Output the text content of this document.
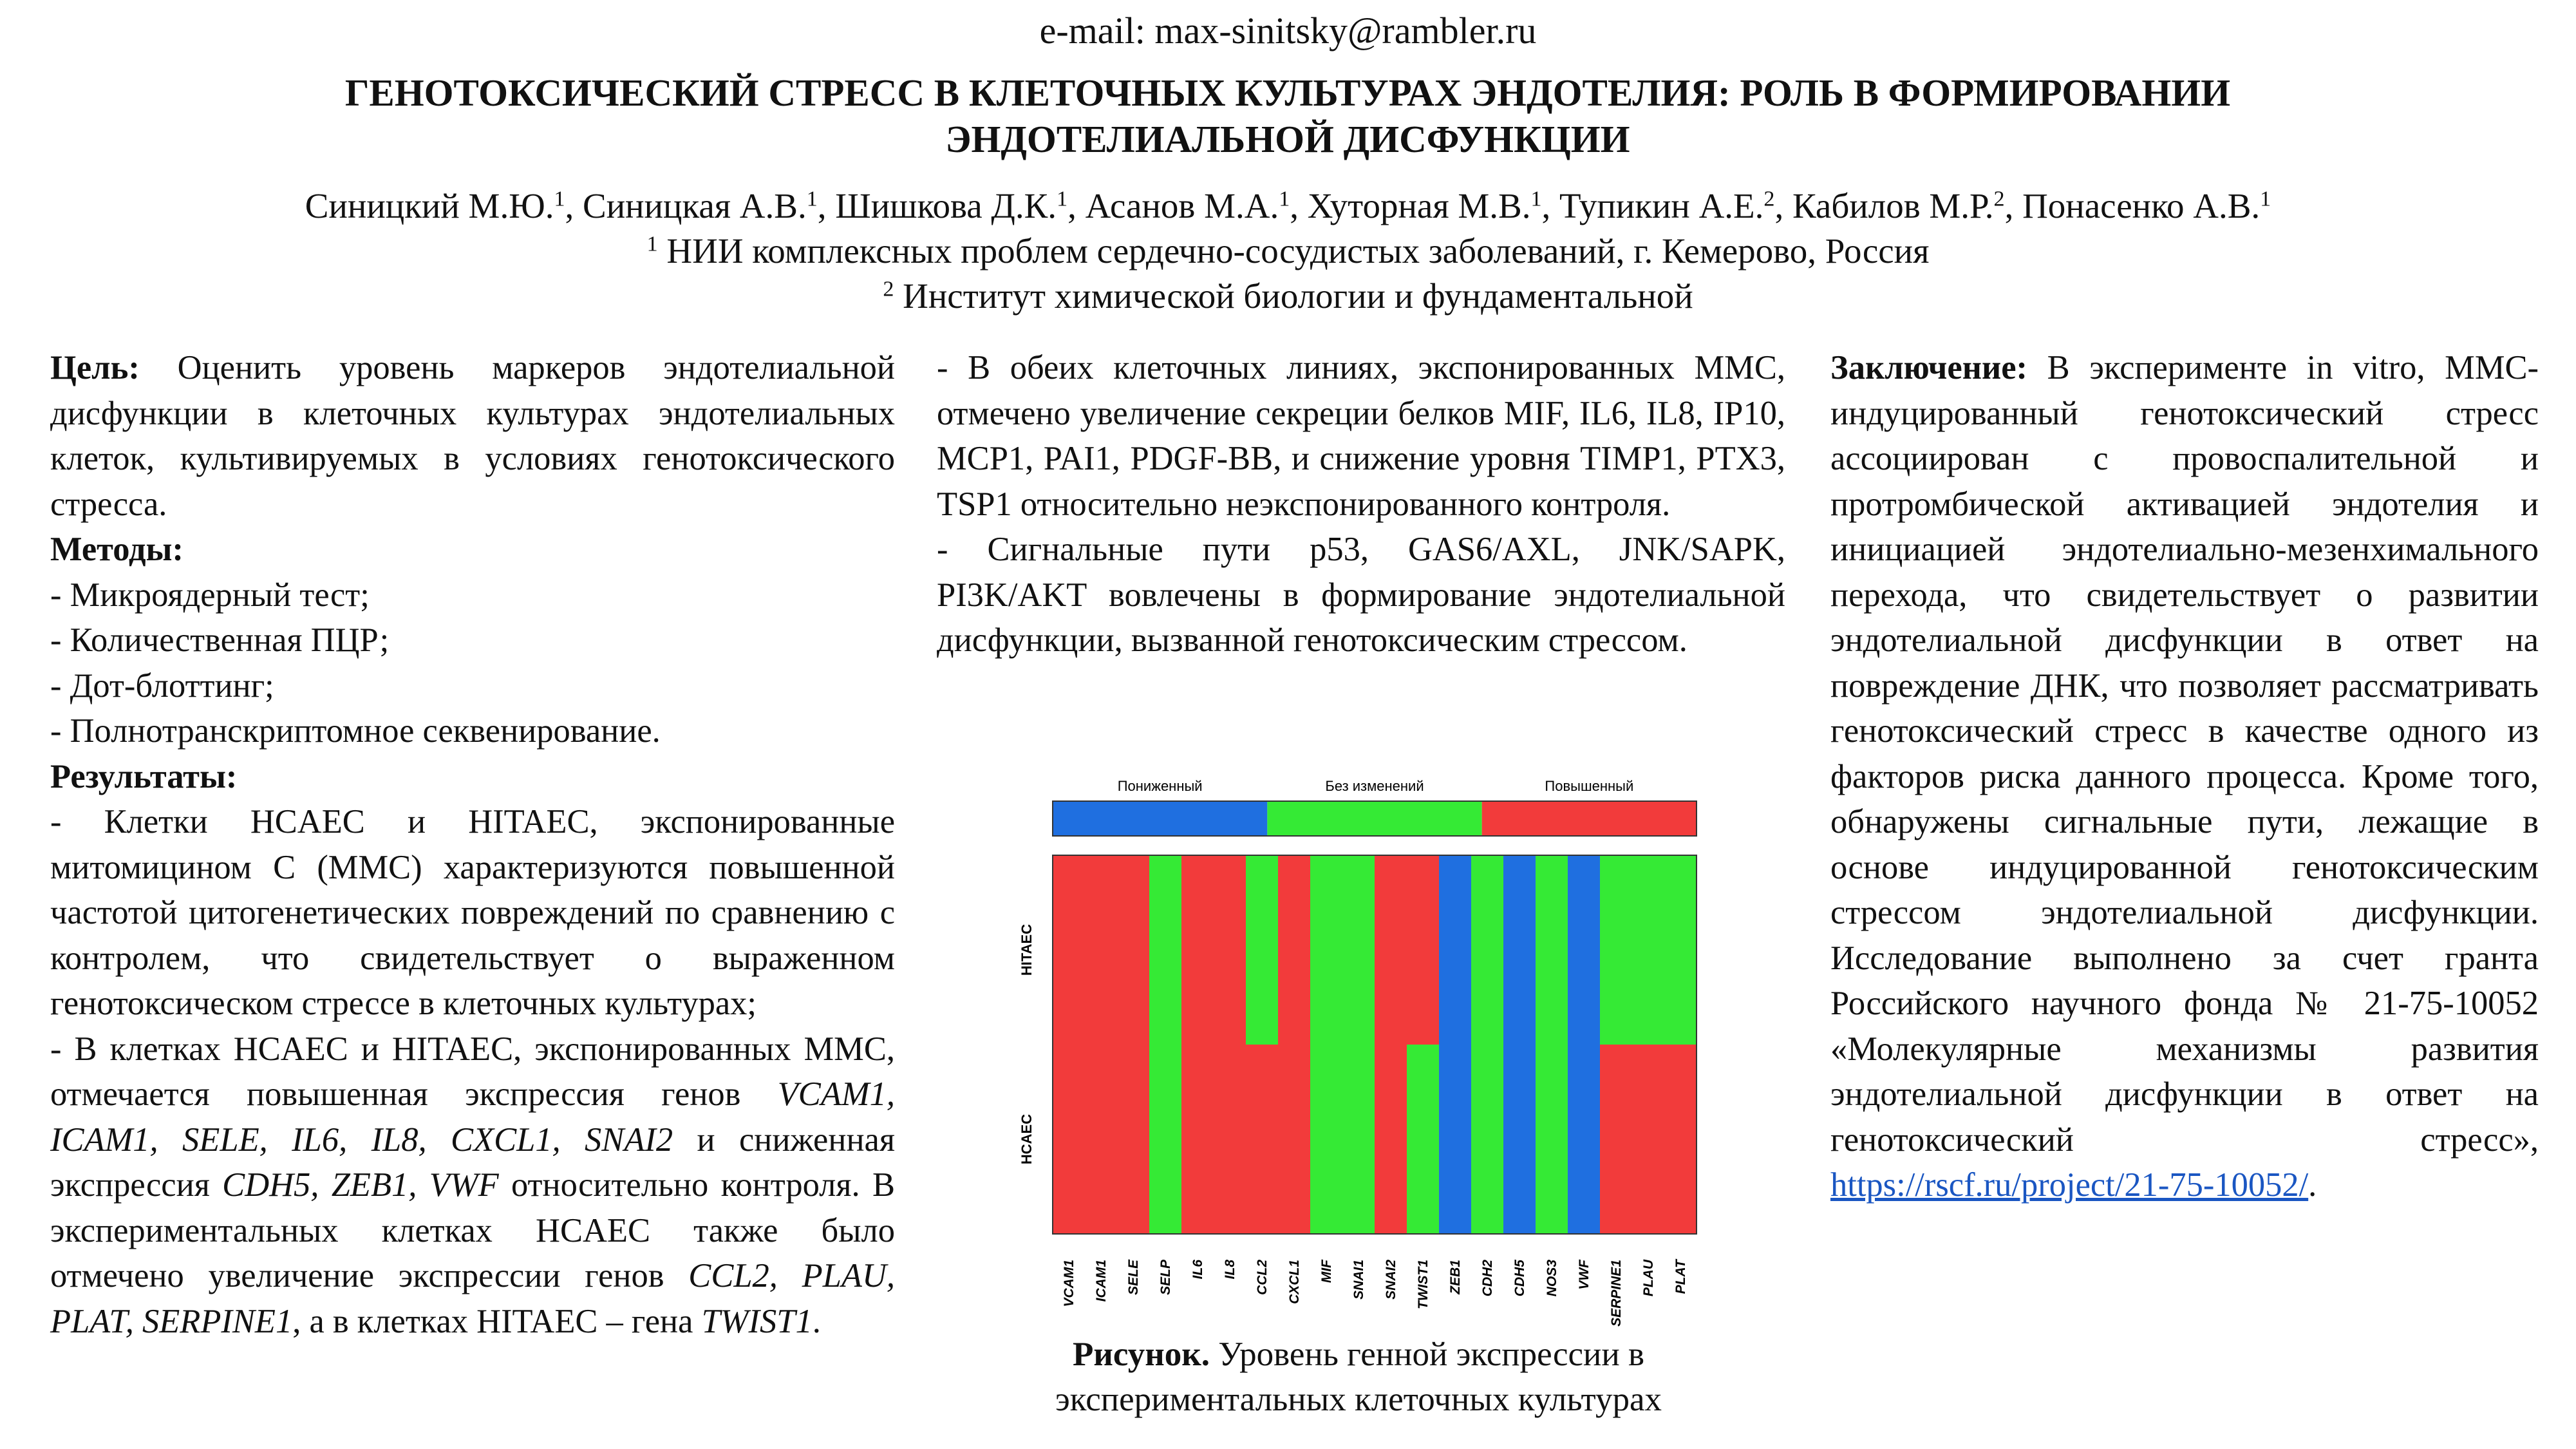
e-mail: max-sinitsky@rambler.ru
ГЕНОТОКСИЧЕСКИЙ СТРЕСС В КЛЕТОЧНЫХ КУЛЬТУРАХ ЭНДОТЕЛИЯ: РОЛЬ В ФОРМИРОВАНИИ ЭНДОТЕЛИАЛЬНОЙ ДИСФУНКЦИИ
Синицкий М.Ю.$^1$, Синицкая А.В.$^1$, Шишкова Д.К.$^1$, Асанов М.А.$^1$, Хуторная М.В.$^1$, Тупикин А.Е.$^2$, Кабилов М.Р.$^2$, Понасенко А.В.$^1$
$^1$ НИИ комплексных проблем сердечно-сосудистых заболеваний, г. Кемерово, Россия
$^2$ Институт химической биологии и фундаментальной

Цель: Оценить уровень маркеров эндотелиальной дисфункции в клеточных культурах эндотелиальных клеток, культивируемых в условиях генотоксического стресса.

Методы:

- Микроядерный тест;

- Количественная ПЦР;

- Дот-блоттинг;

- Полнотранскриптомное секвенирование.

Результаты:

- Клетки HCAEC и HITAEC, экспонированные митомицином С (ММС) характеризуются повышенной частотой цитогенетических повреждений по сравнению с контролем, что свидетельствует о выраженном генотоксическом стрессе в клеточных культурах;

- В клетках HCAEC и HITAEC, экспонированных ММС, отмечается повышенная экспрессия генов VCAM1, ICAM1, SELE, IL6, IL8, CXCL1, SNAI2 и сниженная экспрессия CDH5, ZEB1, VWF относительно контроля. В экспериментальных клетках HCAEC также было отмечено увеличение экспрессии генов CCL2, PLAU, PLAT, SERPINE1, а в клетках HITAEC – гена TWIST1.

- В обеих клеточных линиях, экспонированных ММС, отмечено увеличение секреции белков MIF, IL6, IL8, IP10, MCP1, PAI1, PDGF-BB, и снижение уровня TIMP1, PTX3, TSP1 относительно неэкспонированного контроля.

- Сигнальные пути p53, GAS6/AXL, JNK/SAPK, PI3K/AKT вовлечены в формирование эндотелиальной дисфункции, вызванной генотоксическим стрессом.

Пониженный	Без изменений	Повышенный
HITAEC
HCAEC
VCAM1 ICAM1 SELE SELP IL6 IL8 CCL2 CXCL1 MIF SNAI1 SNAI2 TWIST1 ZEB1 CDH2 CDH5 NOS3 VWF SERPINE1 PLAU PLAT
Рисунок. Уровень генной экспрессии в экспериментальных клеточных культурах

Заключение: В эксперименте in vitro, ММС-индуцированный генотоксический стресс ассоциирован с провоспалительной и протромбической активацией эндотелия и инициацией эндотелиально-мезенхимального перехода, что свидетельствует о развитии эндотелиальной дисфункции в ответ на повреждение ДНК, что позволяет рассматривать генотоксический стресс в качестве одного из факторов риска данного процесса. Кроме того, обнаружены сигнальные пути, лежащие в основе индуцированной генотоксическим стрессом эндотелиальной дисфункции. Исследование выполнено за счет гранта Российского научного фонда № 21-75-10052 «Молекулярные механизмы развития эндотелиальной дисфункции в ответ на генотоксический стресс», https://rscf.ru/project/21-75-10052/.
